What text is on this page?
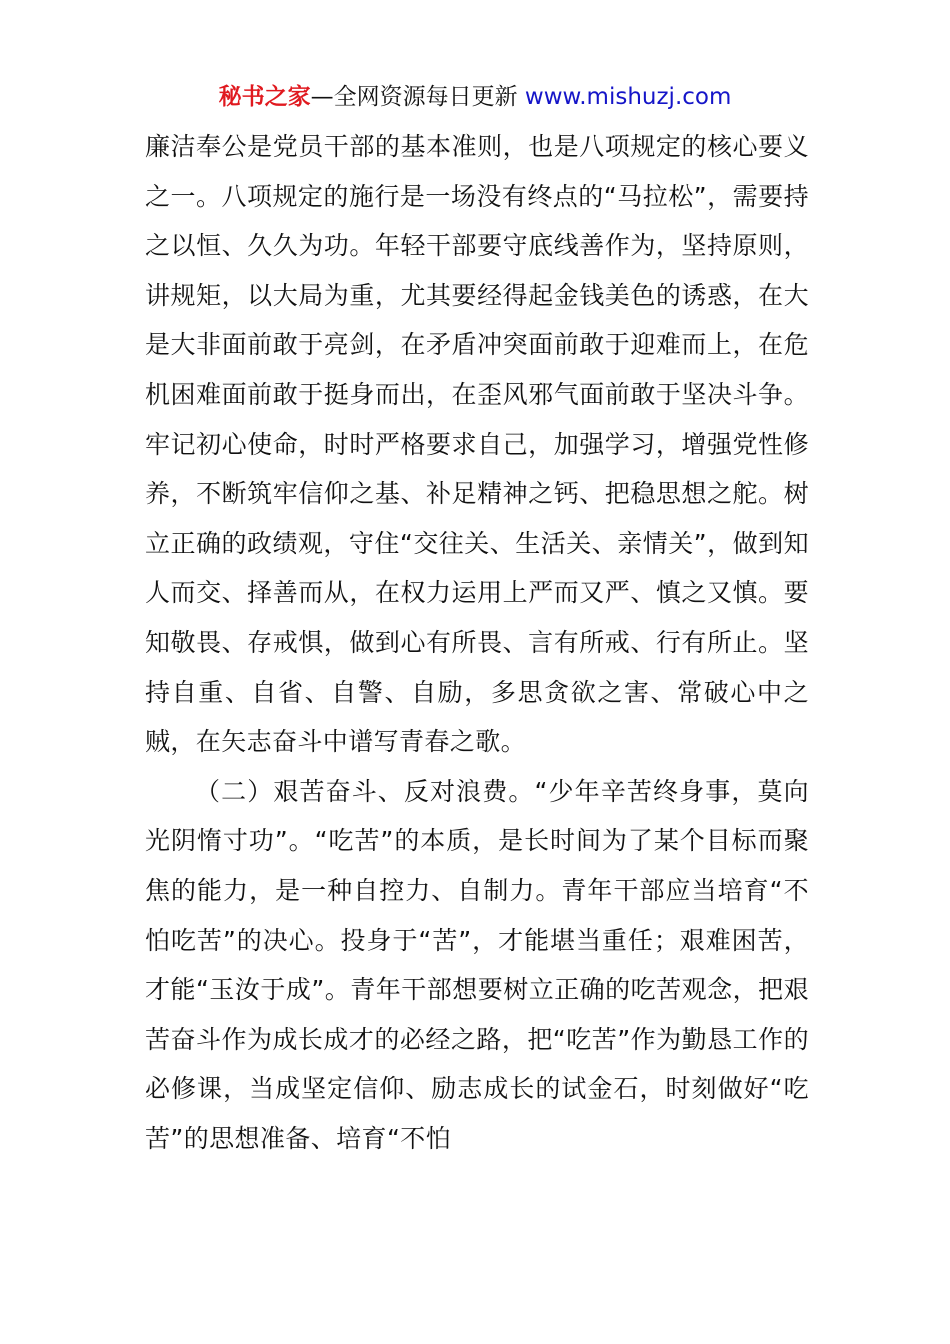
秘书之家—全网资源每日更新 www.mishuzj.com

廉洁奉公是党员干部的基本准则，也是八项规定的核心要义之一。八项规定的施行是一场没有终点的“马拉松”，需要持之以恒、久久为功。年轻干部要守底线善作为，坚持原则，讲规矩，以大局为重，尤其要经得起金钱美色的诱惑，在大是大非面前敢于亮剑，在矛盾冲突面前敢于迎难而上，在危机困难面前敢于挺身而出，在歪风邪气面前敢于坚决斗争。牢记初心使命，时时严格要求自己，加强学习，增强党性修养，不断筑牢信仰之基、补足精神之钙、把稳思想之舵。树立正确的政绩观，守住“交往关、生活关、亲情关”，做到知人而交、择善而从，在权力运用上严而又严、慎之又慎。要知敬畏、存戒惧，做到心有所畏、言有所戒、行有所止。坚持自重、自省、自警、自励，多思贪欲之害、常破心中之贼，在矢志奋斗中谱写青春之歌。

（二）艰苦奋斗、反对浪费。“少年辛苦终身事，莫向光阴惰寸功”。“吃苦”的本质，是长时间为了某个目标而聚焦的能力，是一种自控力、自制力。青年干部应当培育“不怕吃苦”的决心。投身于“苦”，才能堪当重任；艰难困苦，才能“玉汝于成”。青年干部想要树立正确的吃苦观念，把艰苦奋斗作为成长成才的必经之路，把“吃苦”作为勤恳工作的必修课，当成坚定信仰、励志成长的试金石，时刻做好“吃苦”的思想准备、培育“不怕
